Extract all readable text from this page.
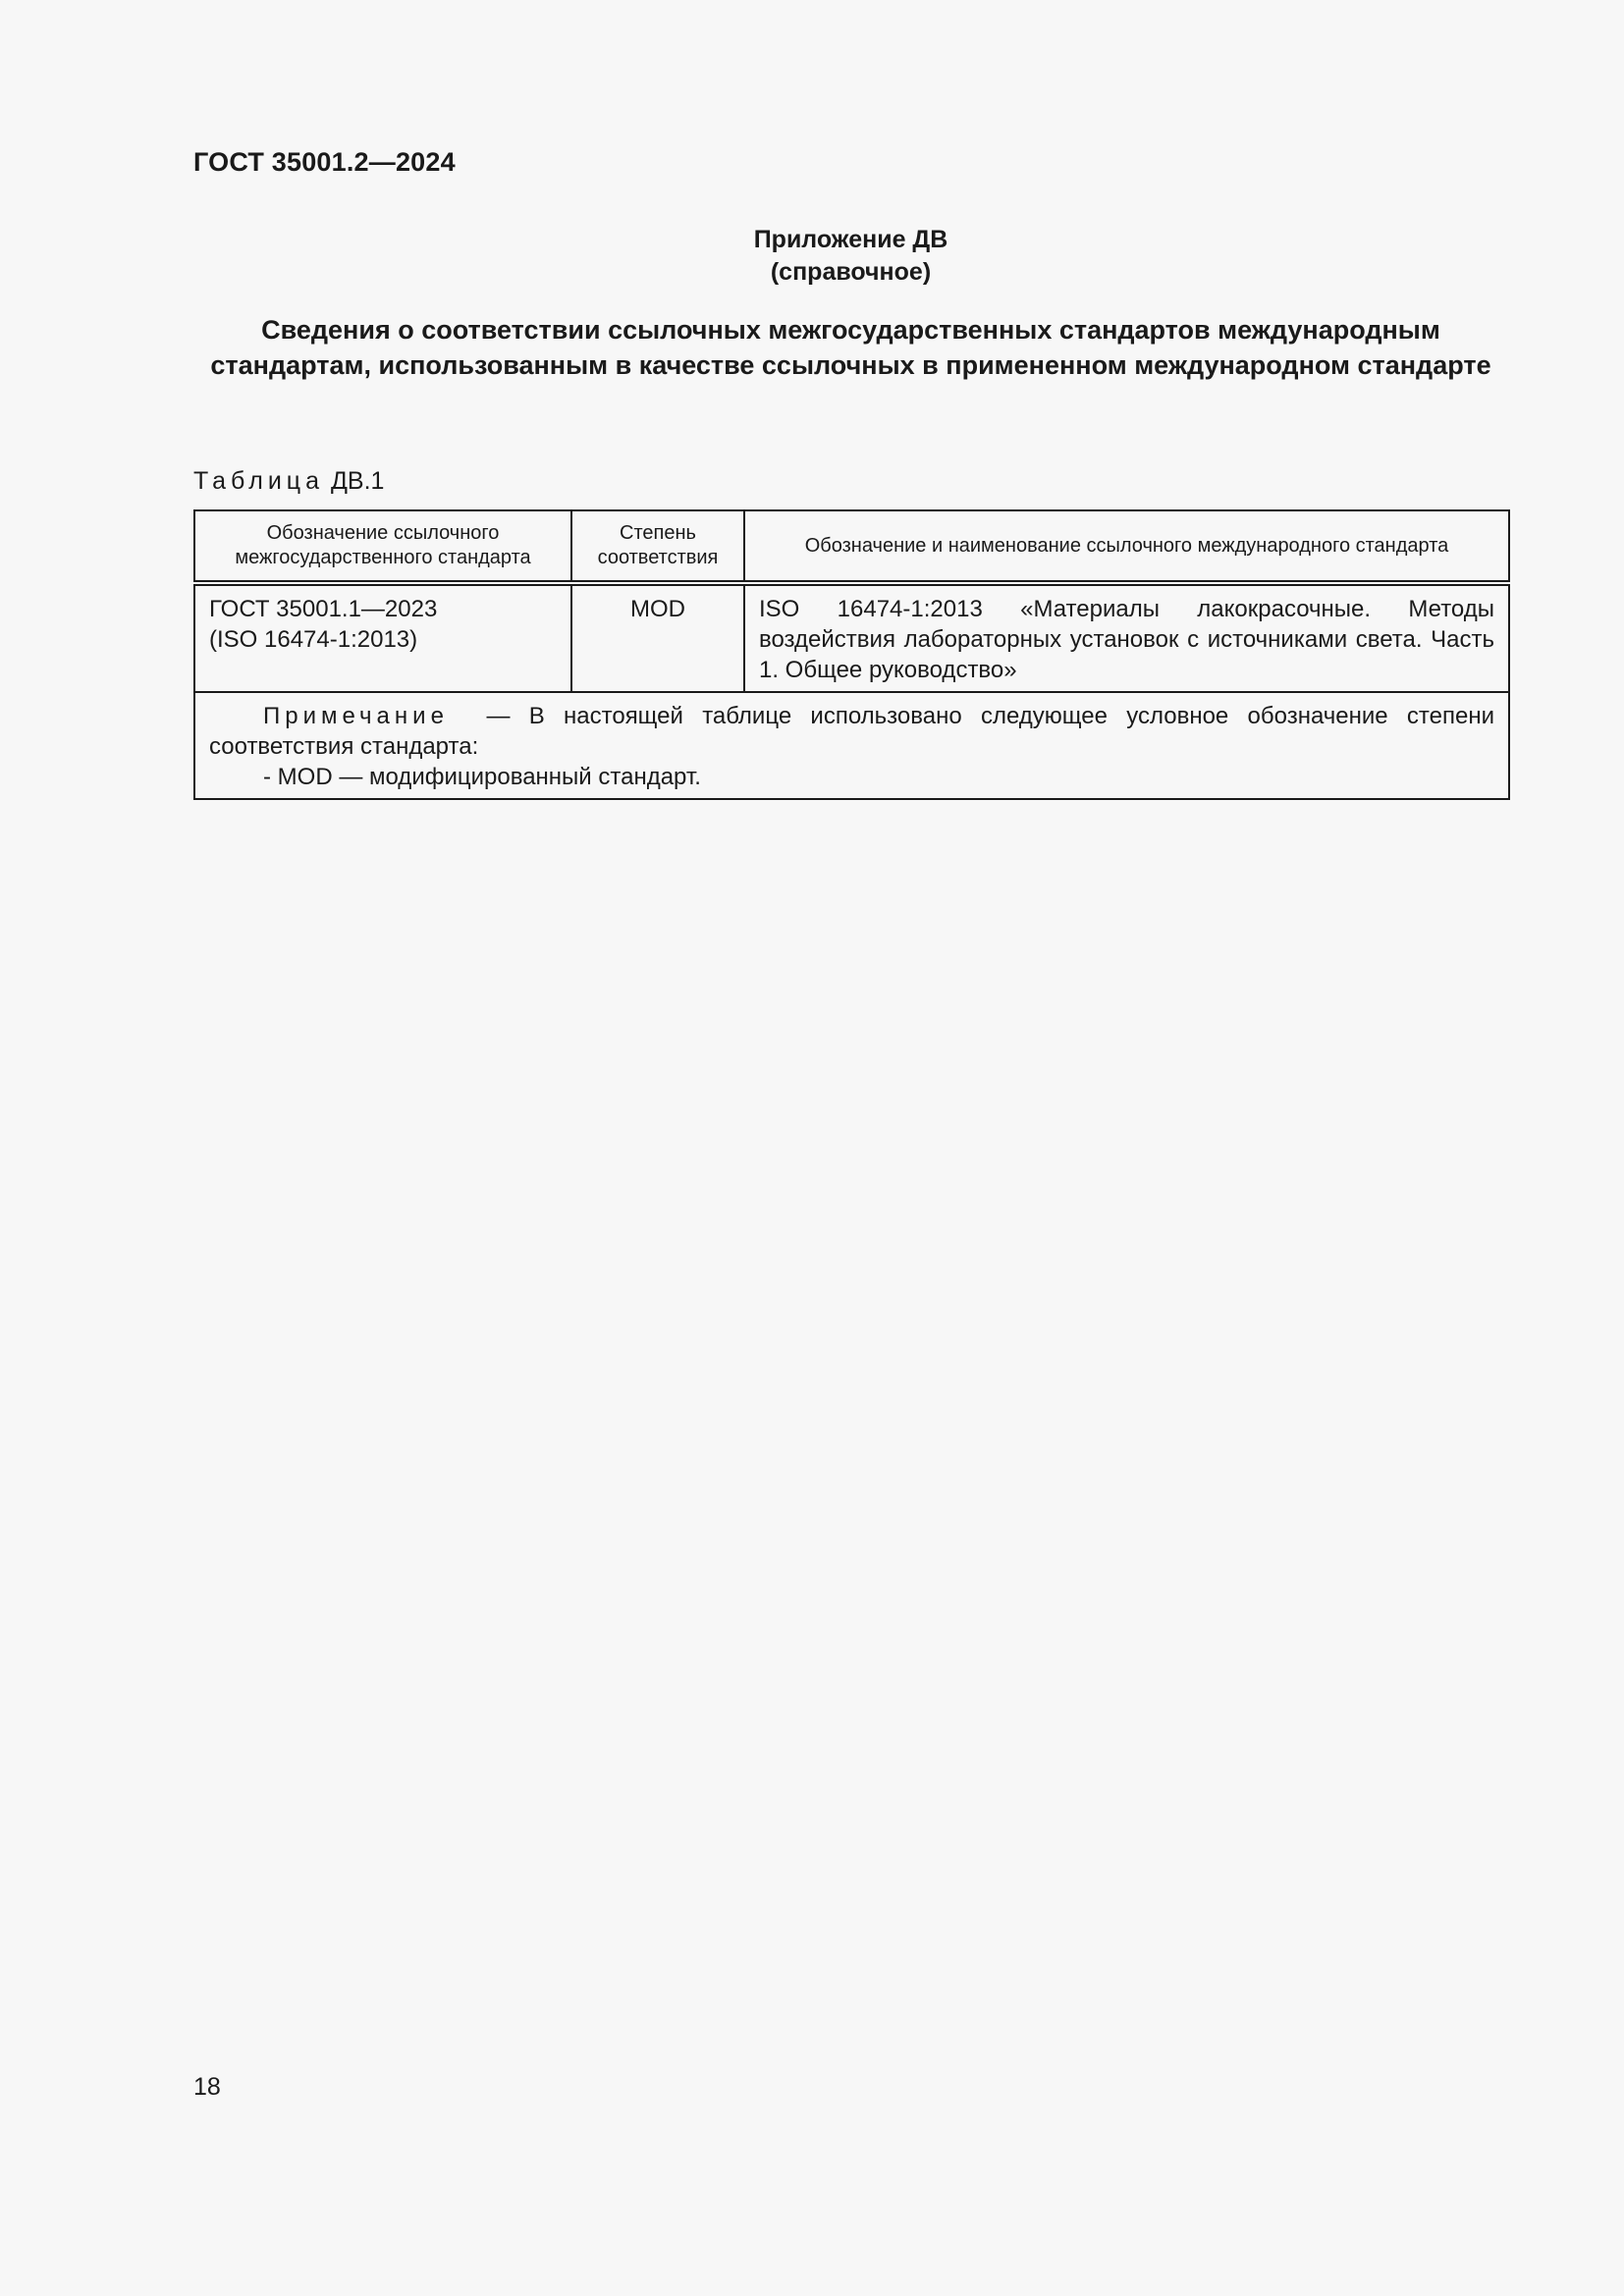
ГОСТ 35001.2—2024
Приложение ДВ
(справочное)
Сведения о соответствии ссылочных межгосударственных стандартов международным стандартам, использованным в качестве ссылочных в примененном международном стандарте
Таблица ДВ.1
Обозначение ссылочного межгосударственного стандарта	Степень соответствия	Обозначение и наименование ссылочного международного стандарта
ГОСТ 35001.1—2023 (ISO 16474-1:2013)	MOD	ISO 16474-1:2013 «Материалы лакокрасочные. Методы воздействия лабораторных установок с источниками света. Часть 1. Общее руководство»

Примечание — В настоящей таблице использовано следующее условное обозначение степени соответствия стандарта:
- MOD — модифицированный стандарт.		
18
